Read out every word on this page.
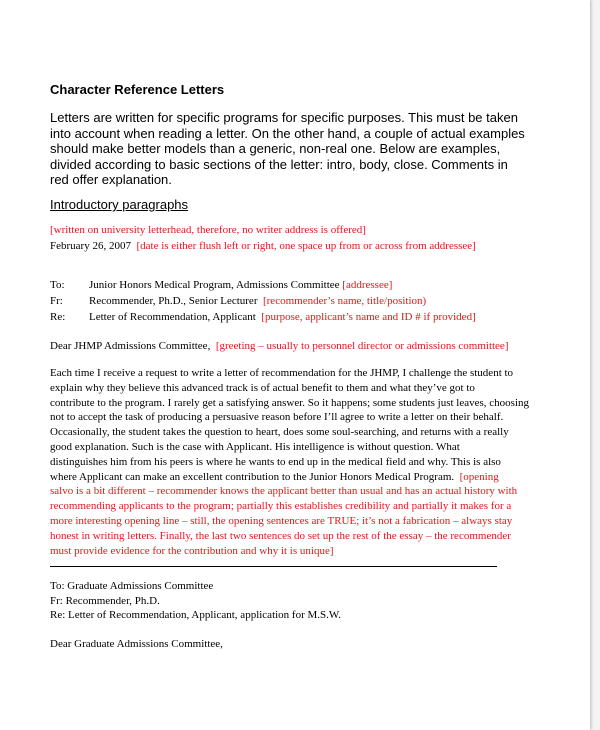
Character Reference Letters
Letters are written for specific programs for specific purposes. This must be taken
into account when reading a letter. On the other hand, a couple of actual examples
should make better models than a generic, non-real one. Below are examples,
divided according to basic sections of the letter: intro, body, close. Comments in
red offer explanation.
Introductory paragraphs
[written on university letterhead, therefore, no writer address is offered]
February 26, 2007 [date is either flush left or right, one space up from or across from addressee]
To: Junior Honors Medical Program, Admissions Committee [addressee]
Fr: Recommender, Ph.D., Senior Lecturer [recommender’s name, title/position)
Re: Letter of Recommendation, Applicant [purpose, applicant’s name and ID # if provided]
Dear JHMP Admissions Committee, [greeting – usually to personnel director or admissions committee]
Each time I receive a request to write a letter of recommendation for the JHMP, I challenge the student to
explain why they believe this advanced track is of actual benefit to them and what they’ve got to
contribute to the program. I rarely get a satisfying answer. So it happens; some students just leaves, choosing
not to accept the task of producing a persuasive reason before I’ll agree to write a letter on their behalf.
Occasionally, the student takes the question to heart, does some soul-searching, and returns with a really
good explanation. Such is the case with Applicant. His intelligence is without question. What
distinguishes him from his peers is where he wants to end up in the medical field and why. This is also
where Applicant can make an excellent contribution to the Junior Honors Medical Program. [opening
salvo is a bit different – recommender knows the applicant better than usual and has an actual history with
recommending applicants to the program; partially this establishes credibility and partially it makes for a
more interesting opening line – still, the opening sentences are TRUE; it’s not a fabrication – always stay
honest in writing letters. Finally, the last two sentences do set up the rest of the essay – the recommender
must provide evidence for the contribution and why it is unique]
To: Graduate Admissions Committee
Fr: Recommender, Ph.D.
Re: Letter of Recommendation, Applicant, application for M.S.W.
Dear Graduate Admissions Committee,
